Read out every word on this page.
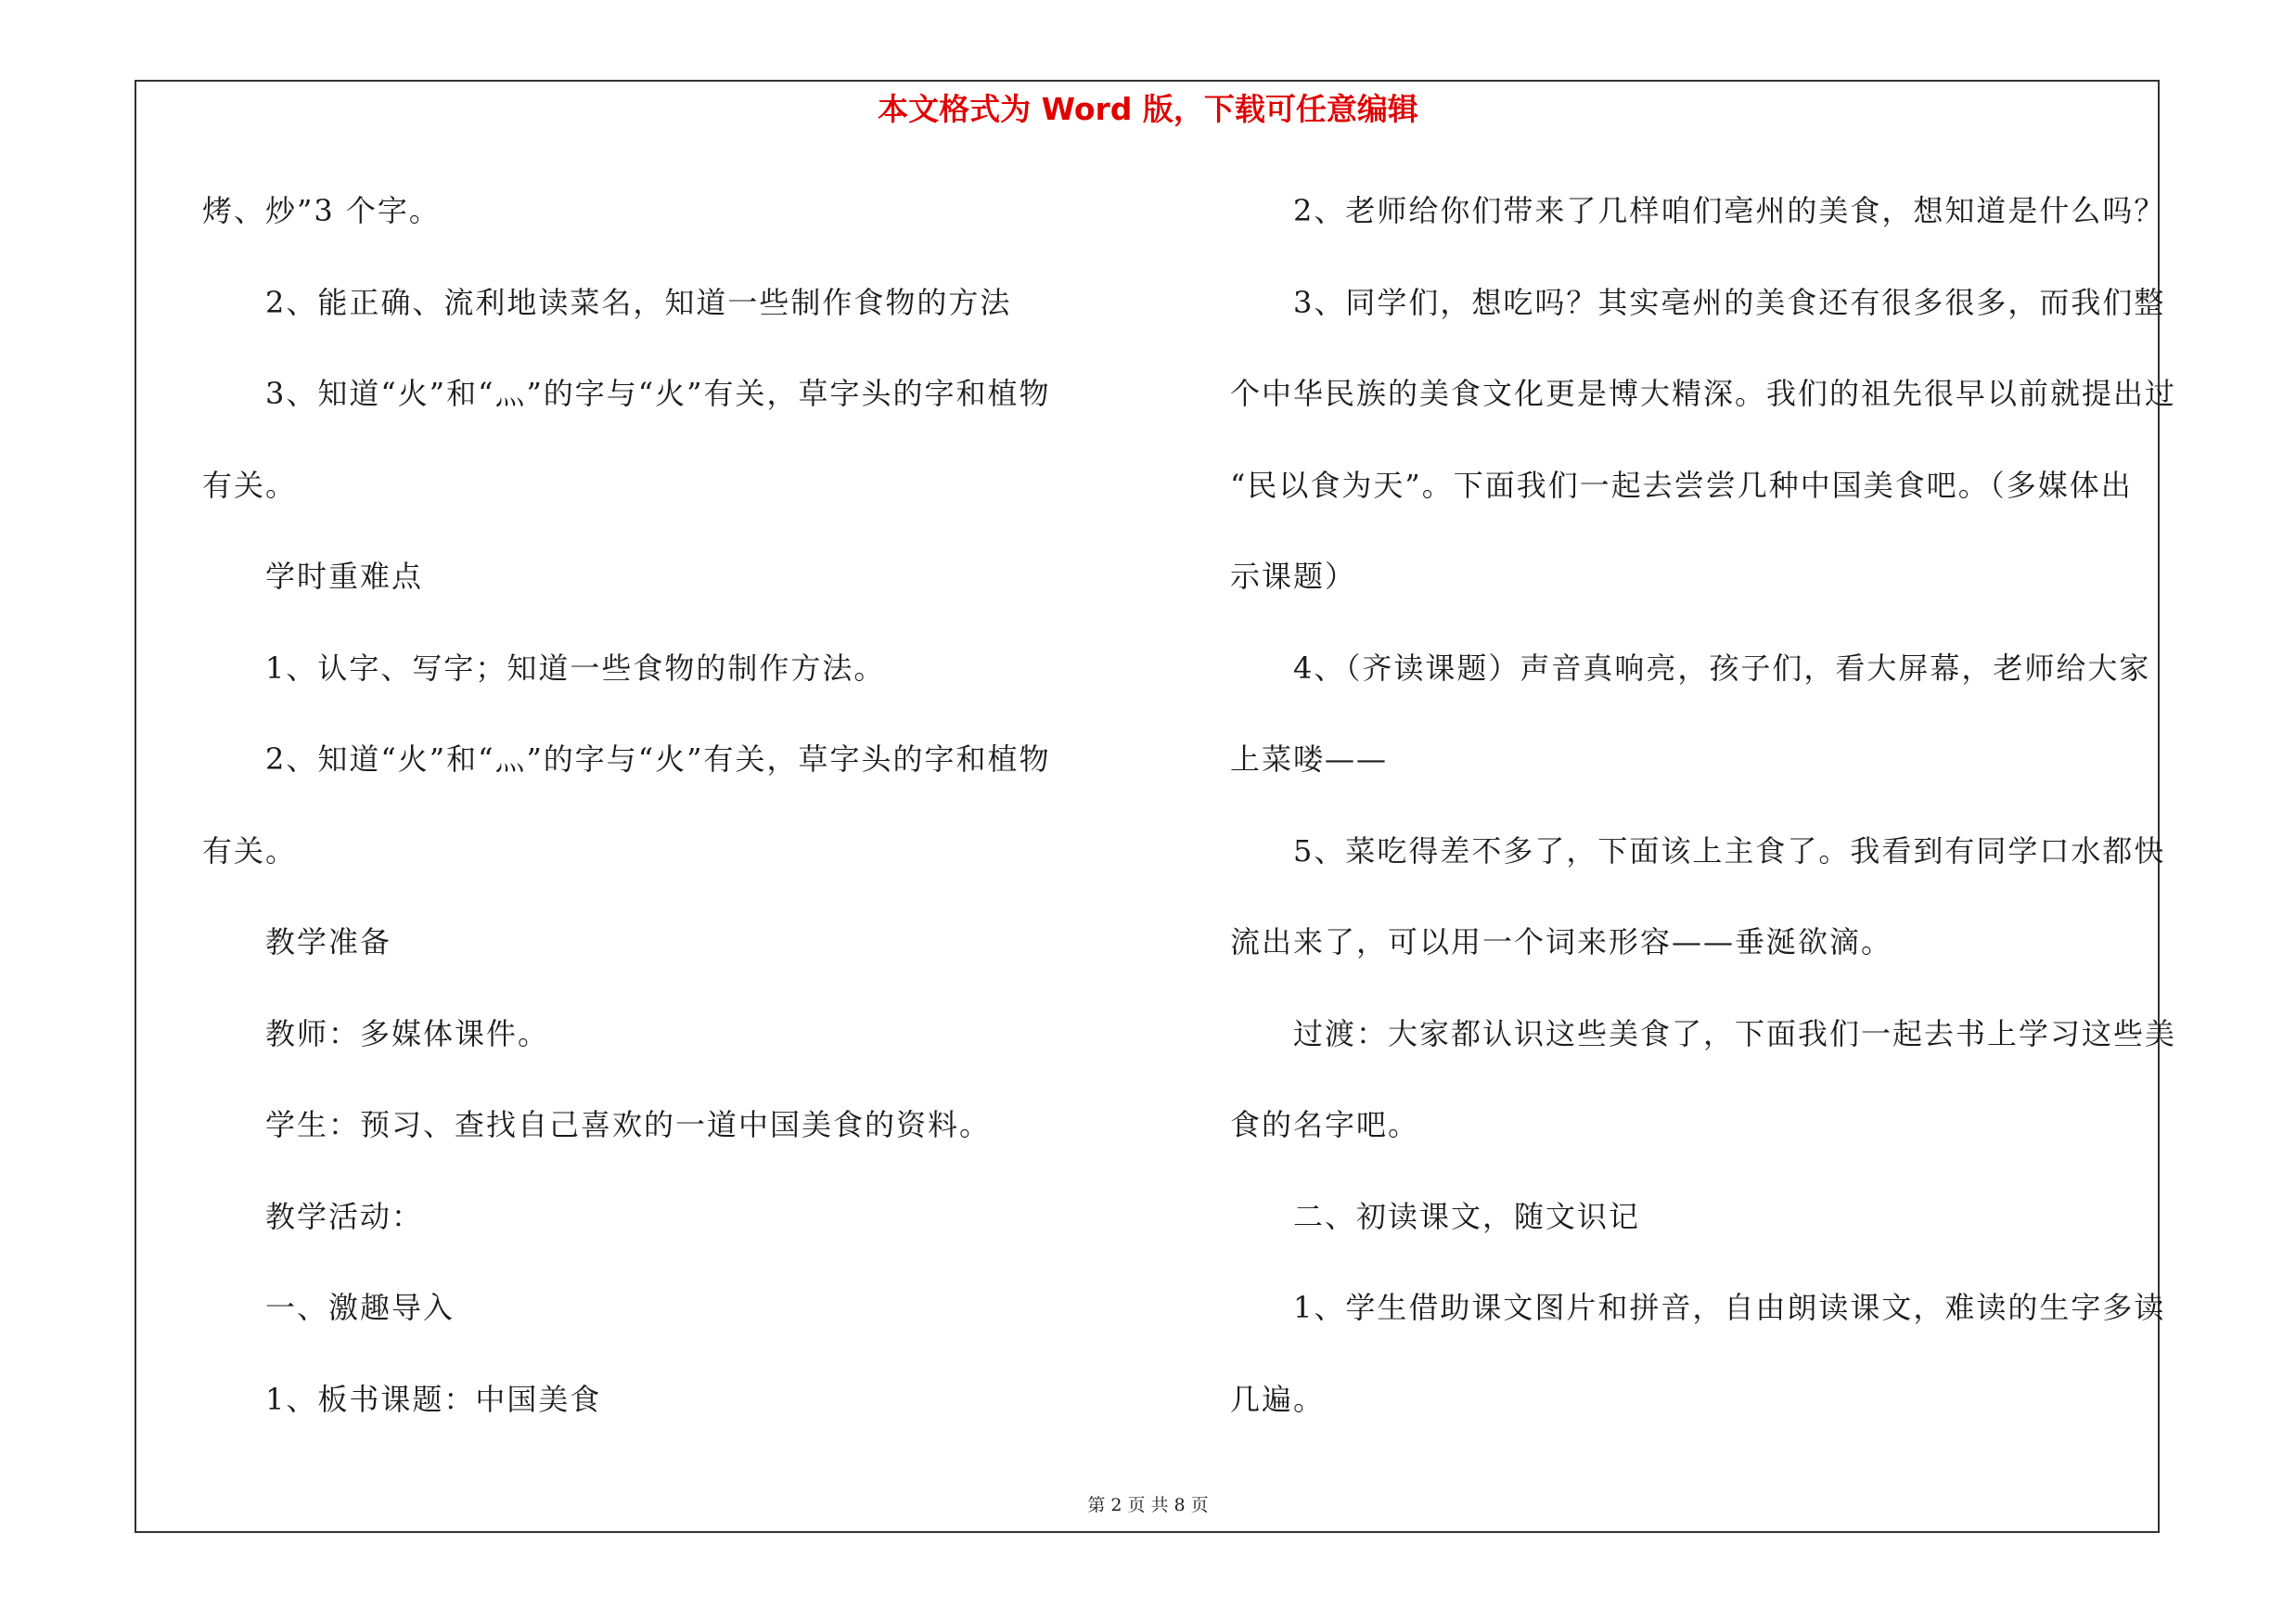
本文格式为 Word 版，下载可任意编辑
烤、炒”3 个字。
2、能正确、流利地读菜名，知道一些制作食物的方法
3、知道“火”和“灬”的字与“火”有关，草字头的字和植物
有关。
学时重难点
1、认字、写字；知道一些食物的制作方法。
2、知道“火”和“灬”的字与“火”有关，草字头的字和植物
有关。
教学准备
教师：多媒体课件。
学生：预习、查找自己喜欢的一道中国美食的资料。
教学活动：
一、激趣导入
1、板书课题：中国美食
2、老师给你们带来了几样咱们亳州的美食，想知道是什么吗？
3、同学们，想吃吗？其实亳州的美食还有很多很多，而我们整
个中华民族的美食文化更是博大精深。我们的祖先很早以前就提出过
“民以食为天”。下面我们一起去尝尝几种中国美食吧。（多媒体出
示课题）
4、（齐读课题）声音真响亮，孩子们，看大屏幕，老师给大家
上菜喽——
5、菜吃得差不多了，下面该上主食了。我看到有同学口水都快
流出来了，可以用一个词来形容——垂涎欲滴。
过渡：大家都认识这些美食了，下面我们一起去书上学习这些美
食的名字吧。
二、初读课文，随文识记
1、学生借助课文图片和拼音，自由朗读课文，难读的生字多读
几遍。
第 2 页 共 8 页
